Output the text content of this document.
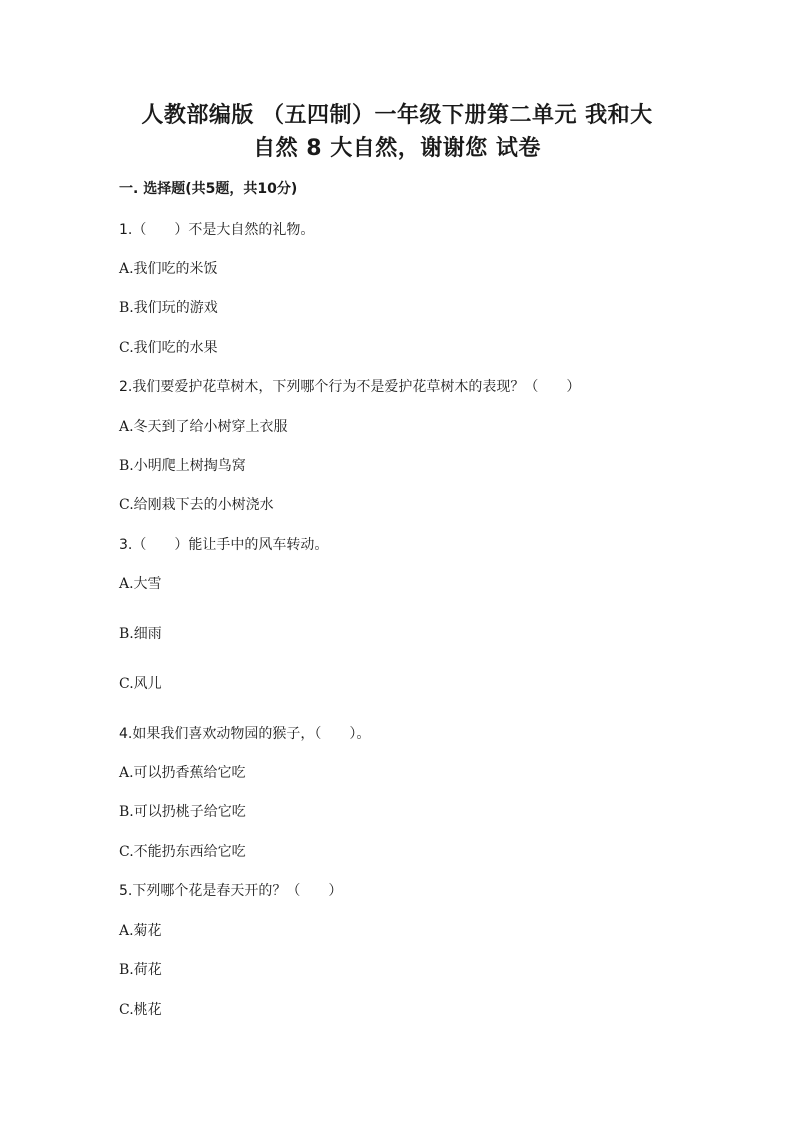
人教部编版 （五四制）一年级下册第二单元 我和大
自然 8 大自然，谢谢您 试卷
一. 选择题(共5题，共10分)
1.（　　）不是大自然的礼物。
A.我们吃的米饭
B.我们玩的游戏
C.我们吃的水果
2.我们要爱护花草树木，下列哪个行为不是爱护花草树木的表现？（　　）
A.冬天到了给小树穿上衣服
B.小明爬上树掏鸟窝
C.给刚栽下去的小树浇水
3.（　　）能让手中的风车转动。
A.大雪
B.细雨
C.风儿
4.如果我们喜欢动物园的猴子，（　　）。
A.可以扔香蕉给它吃
B.可以扔桃子给它吃
C.不能扔东西给它吃
5.下列哪个花是春天开的？（　　）
A.菊花
B.荷花
C.桃花
